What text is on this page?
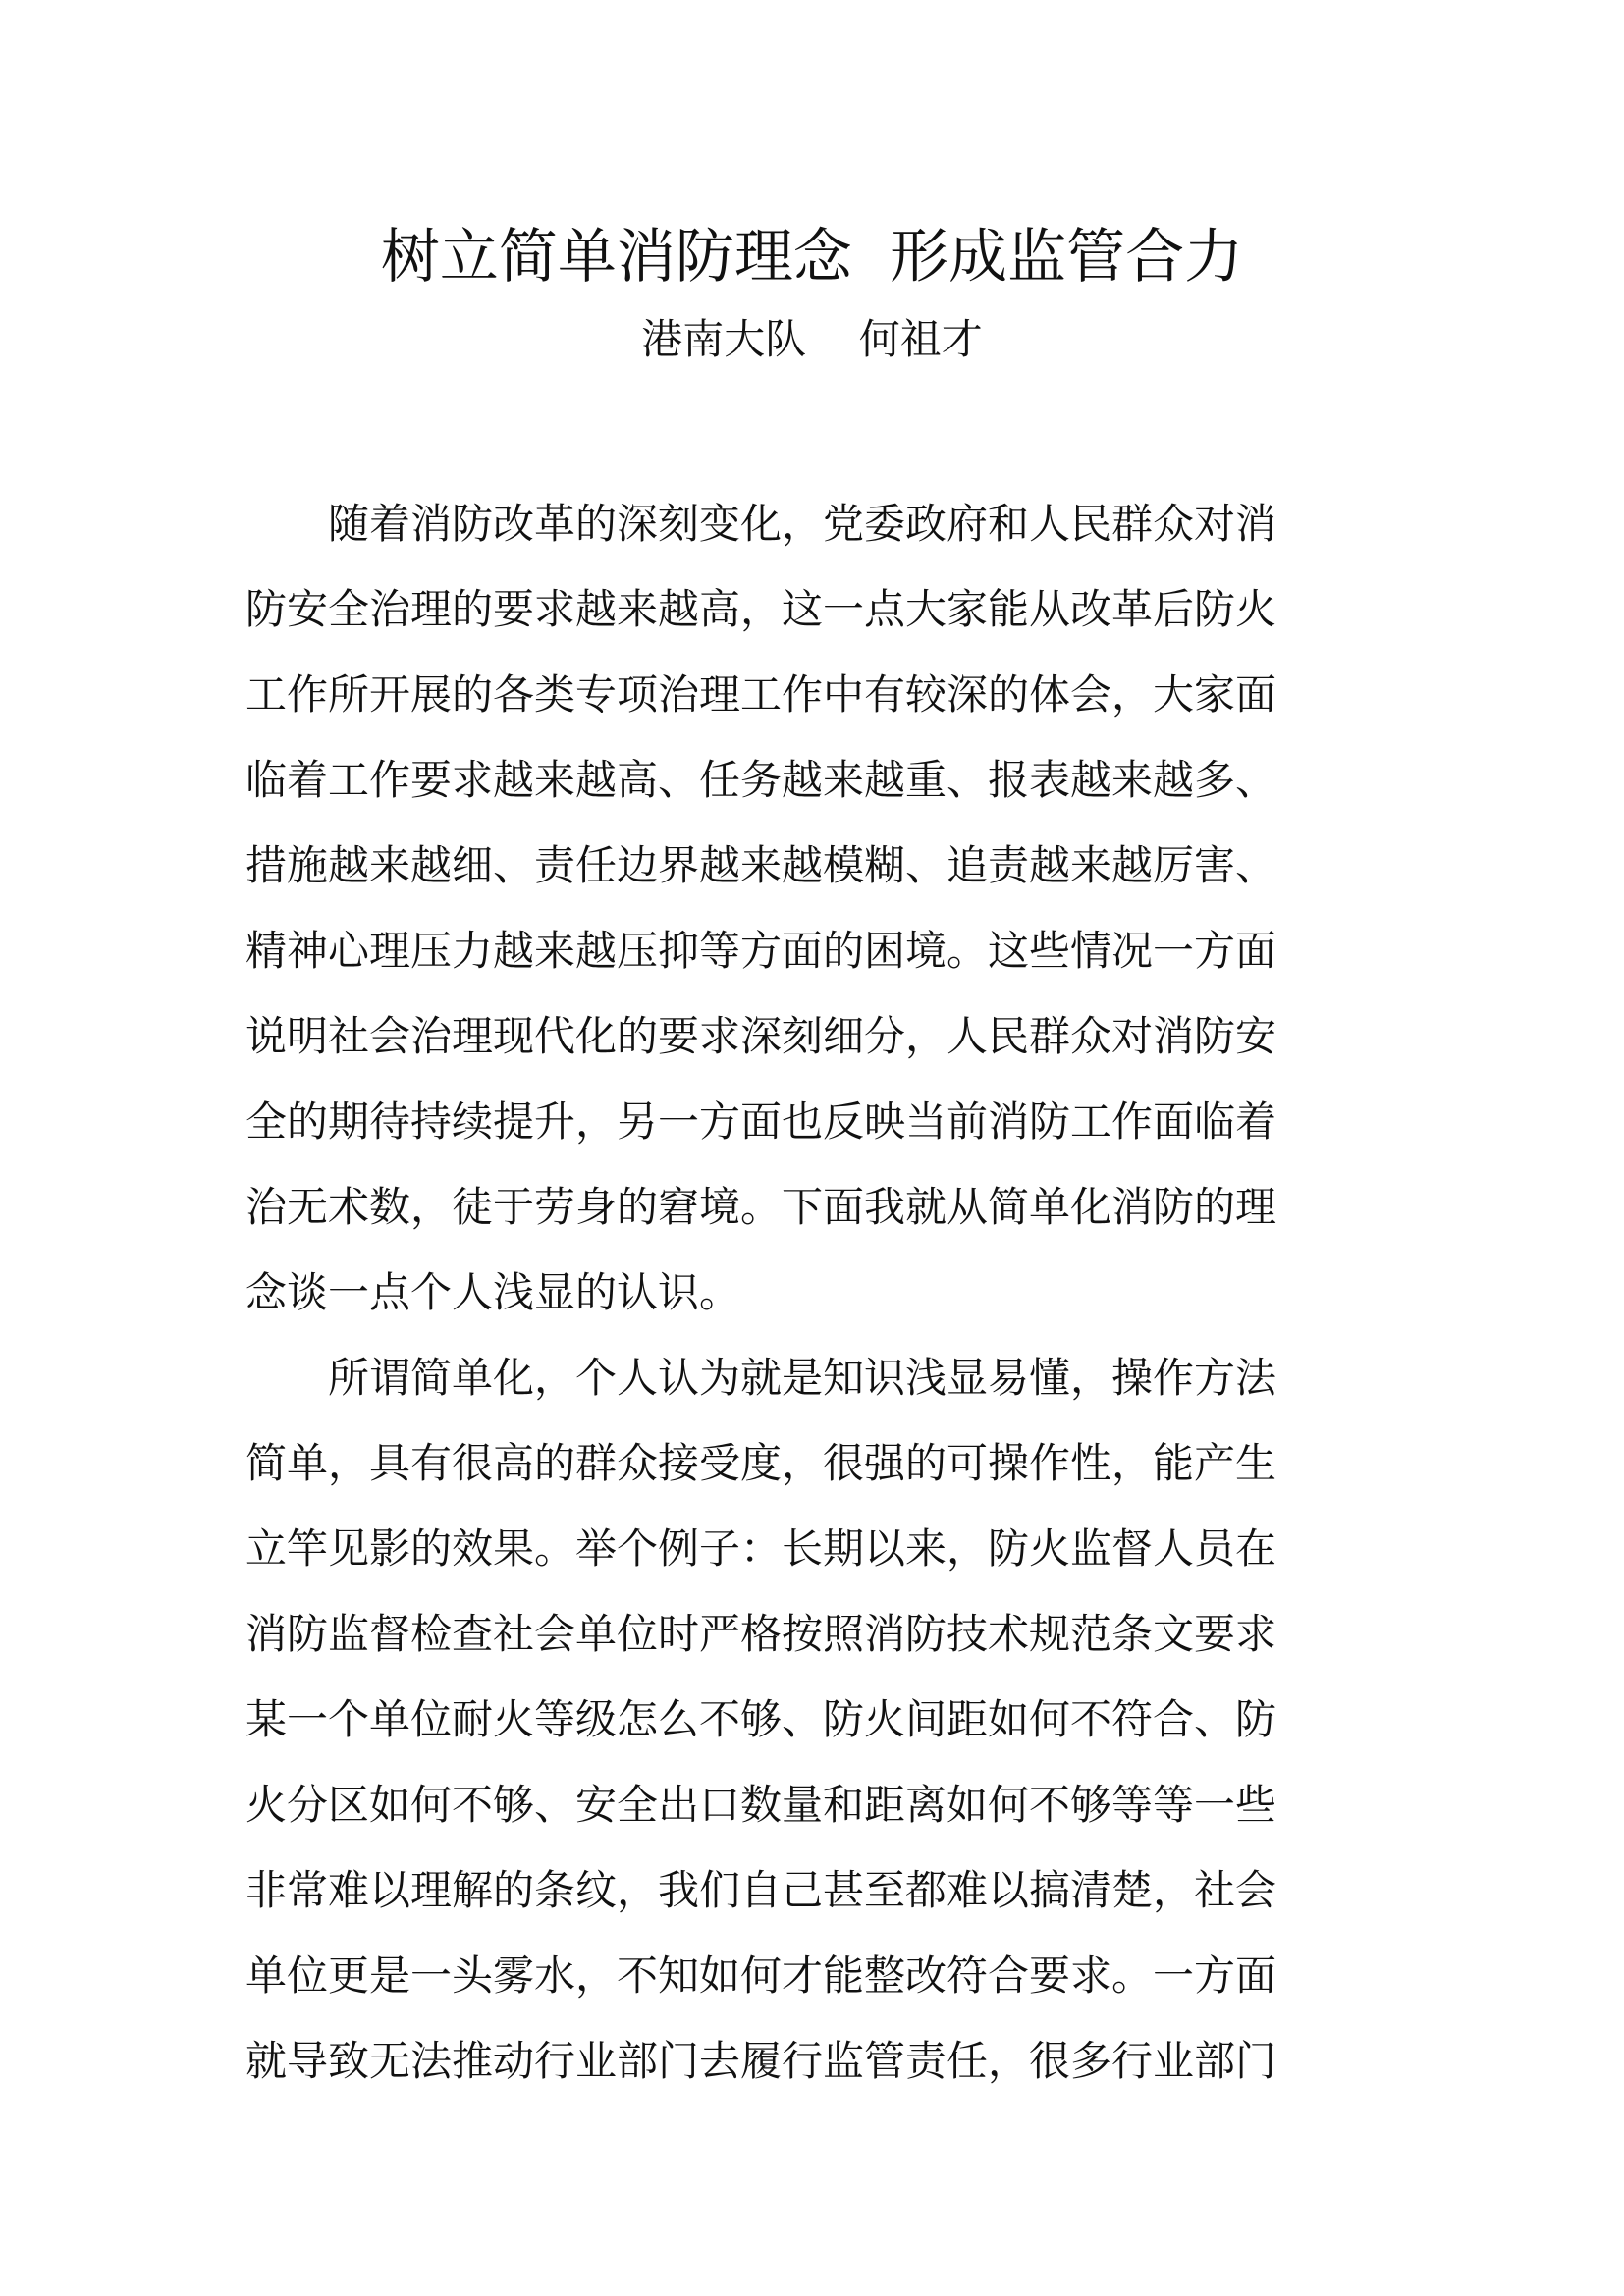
树立简单消防理念  形成监管合力
港南大队    何祖才
　　随着消防改革的深刻变化，党委政府和人民群众对消
防安全治理的要求越来越高，这一点大家能从改革后防火
工作所开展的各类专项治理工作中有较深的体会，大家面
临着工作要求越来越高、任务越来越重、报表越来越多、
措施越来越细、责任边界越来越模糊、追责越来越厉害、
精神心理压力越来越压抑等方面的困境。这些情况一方面
说明社会治理现代化的要求深刻细分，人民群众对消防安
全的期待持续提升，另一方面也反映当前消防工作面临着
治无术数，徒于劳身的窘境。下面我就从简单化消防的理
念谈一点个人浅显的认识。
　　所谓简单化，个人认为就是知识浅显易懂，操作方法
简单，具有很高的群众接受度，很强的可操作性，能产生
立竿见影的效果。举个例子：长期以来，防火监督人员在
消防监督检查社会单位时严格按照消防技术规范条文要求
某一个单位耐火等级怎么不够、防火间距如何不符合、防
火分区如何不够、安全出口数量和距离如何不够等等一些
非常难以理解的条纹，我们自己甚至都难以搞清楚，社会
单位更是一头雾水，不知如何才能整改符合要求。一方面
就导致无法推动行业部门去履行监管责任，很多行业部门
